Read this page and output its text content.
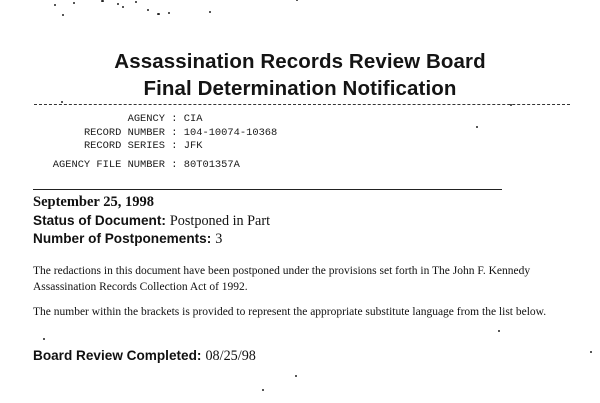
Assassination Records Review Board
Final Determination Notification
AGENCY : CIA
RECORD NUMBER : 104-10074-10368
RECORD SERIES : JFK
AGENCY FILE NUMBER : 80T01357A
September 25, 1998
Status of Document: Postponed in Part
Number of Postponements: 3
The redactions in this document have been postponed under the provisions set forth in The John F. Kennedy Assassination Records Collection Act of 1992.
The number within the brackets is provided to represent the appropriate substitute language from the list below.
Board Review Completed: 08/25/98
